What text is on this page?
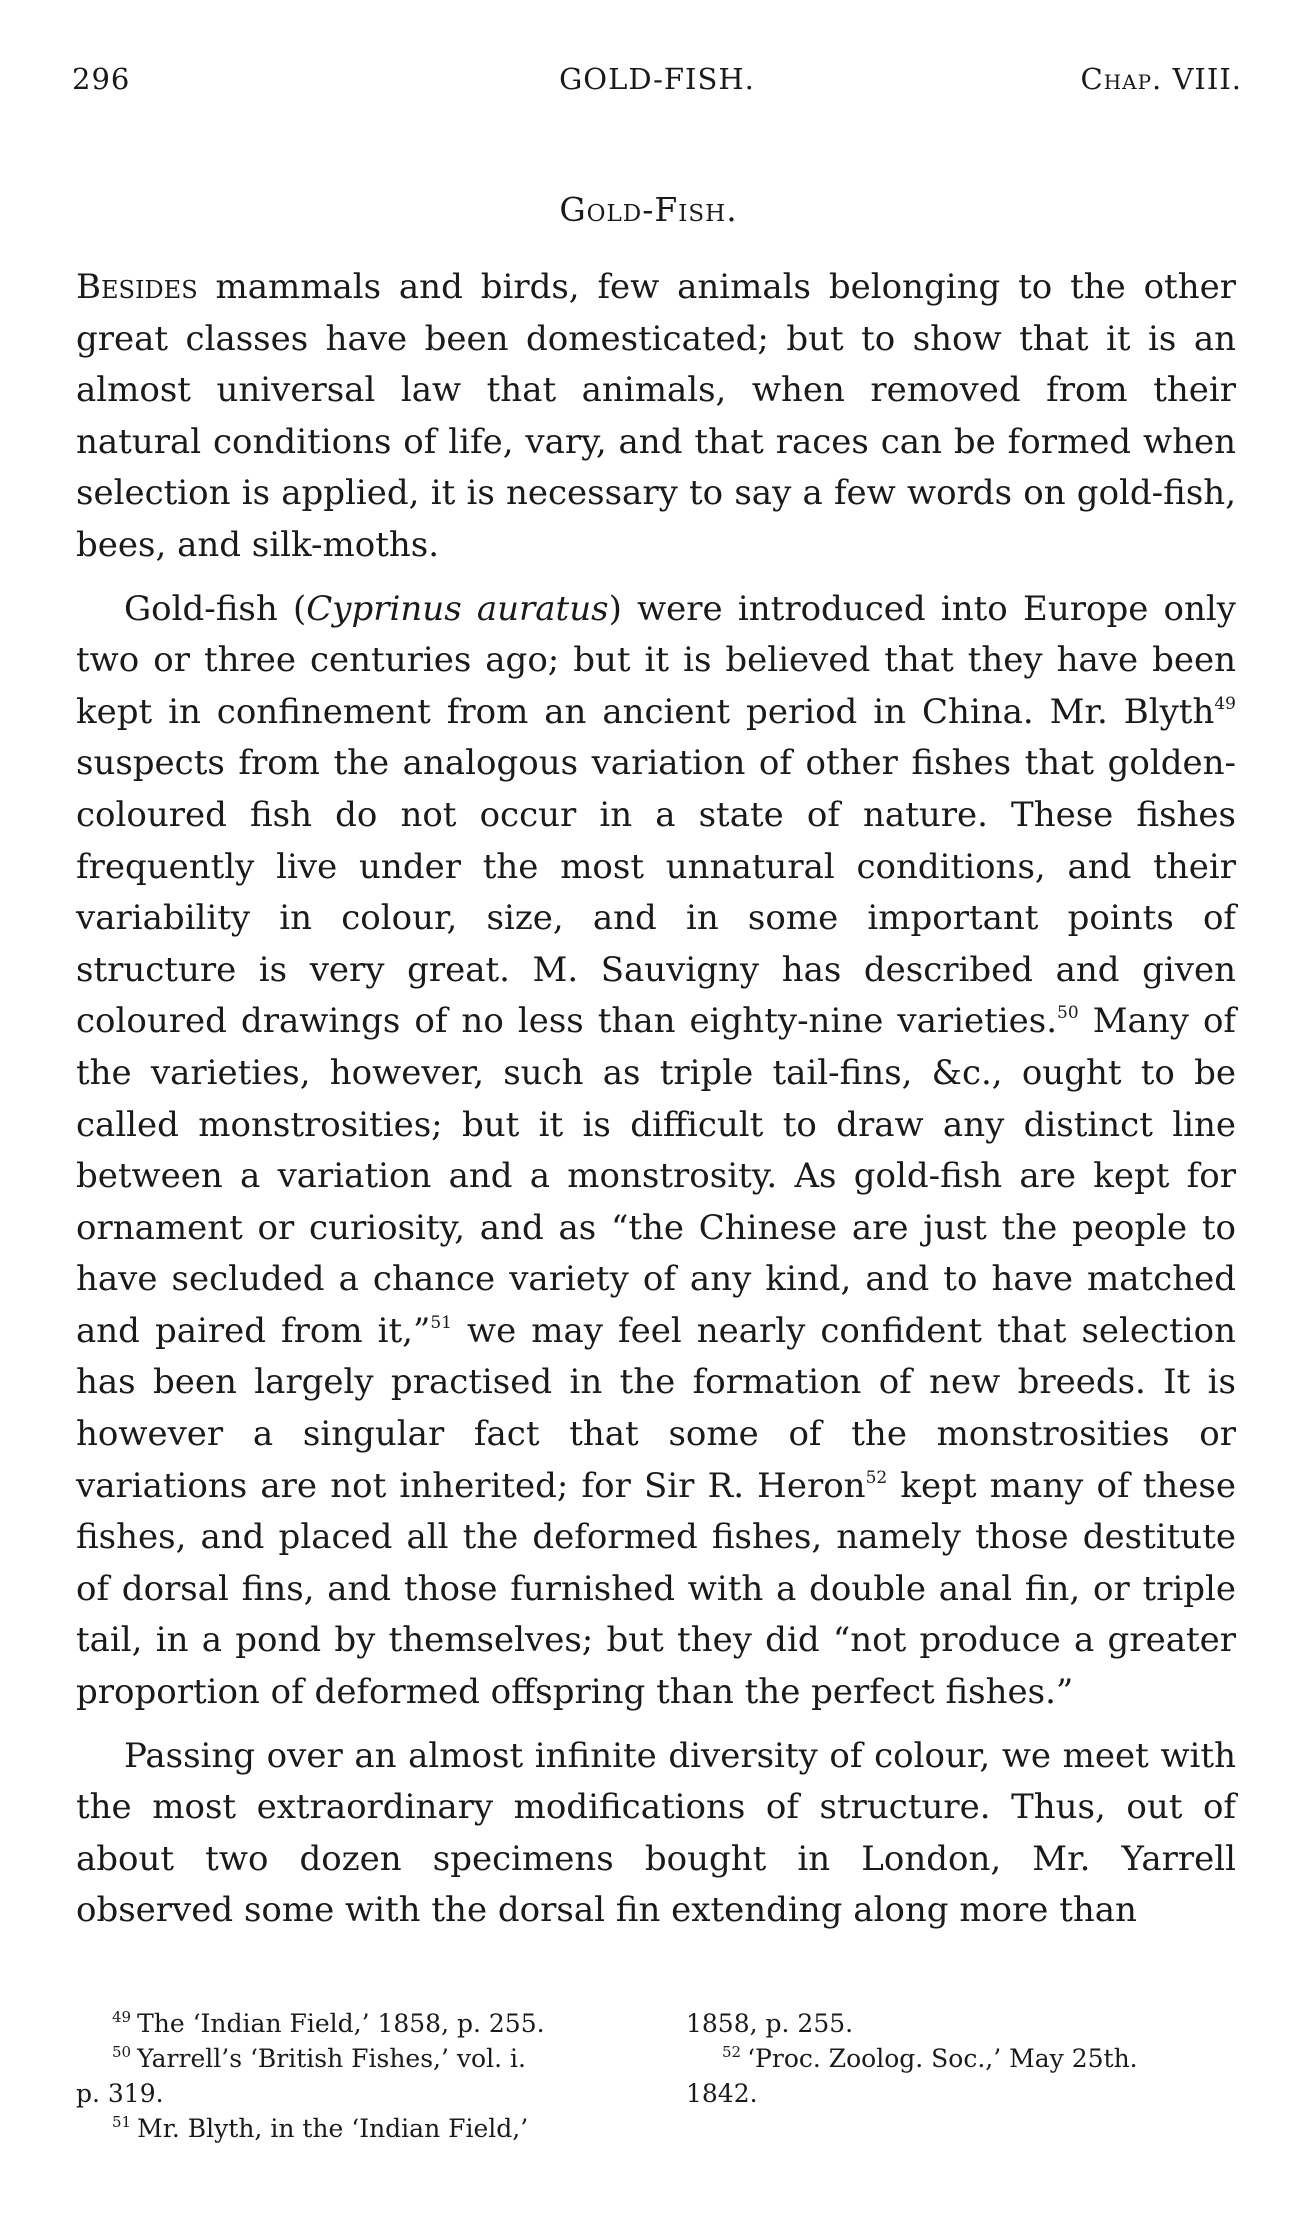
296	GOLD-FISH.	Chap. VIII.
Gold-Fish.

Besides mammals and birds, few animals belonging to the other great classes have been domesticated; but to show that it is an almost universal law that animals, when removed from their natural conditions of life, vary, and that races can be formed when selection is applied, it is necessary to say a few words on gold-fish, bees, and silk-moths.

Gold-fish (Cyprinus auratus) were introduced into Europe only two or three centuries ago; but it is believed that they have been kept in confinement from an ancient period in China. Mr. Blyth$^{49}$ suspects from the analogous variation of other fishes that golden-coloured fish do not occur in a state of nature. These fishes frequently live under the most unnatural conditions, and their variability in colour, size, and in some important points of structure is very great. M. Sauvigny has described and given coloured drawings of no less than eighty-nine varieties.$^{50}$ Many of the varieties, however, such as triple tail-fins, &c., ought to be called monstrosities; but it is difficult to draw any distinct line between a variation and a monstrosity. As gold-fish are kept for ornament or curiosity, and as “the Chinese are just the people to have secluded a chance variety of any kind, and to have matched and paired from it,”$^{51}$ we may feel nearly confident that selection has been largely practised in the formation of new breeds. It is however a singular fact that some of the monstrosities or variations are not inherited; for Sir R. Heron$^{52}$ kept many of these fishes, and placed all the deformed fishes, namely those destitute of dorsal fins, and those furnished with a double anal fin, or triple tail, in a pond by themselves; but they did “not produce a greater proportion of deformed offspring than the perfect fishes.”

Passing over an almost infinite diversity of colour, we meet with the most extraordinary modifications of structure. Thus, out of about two dozen specimens bought in London, Mr. Yarrell observed some with the dorsal fin extending along more than

$^{49}$ The ‘Indian Field,’ 1858, p. 255.

$^{50}$ Yarrell’s ‘British Fishes,’ vol. i.
p. 319.

$^{51}$ Mr. Blyth, in the ‘Indian Field,’

1858, p. 255.

$^{52}$ ‘Proc. Zoolog. Soc.,’ May 25th.
1842.
